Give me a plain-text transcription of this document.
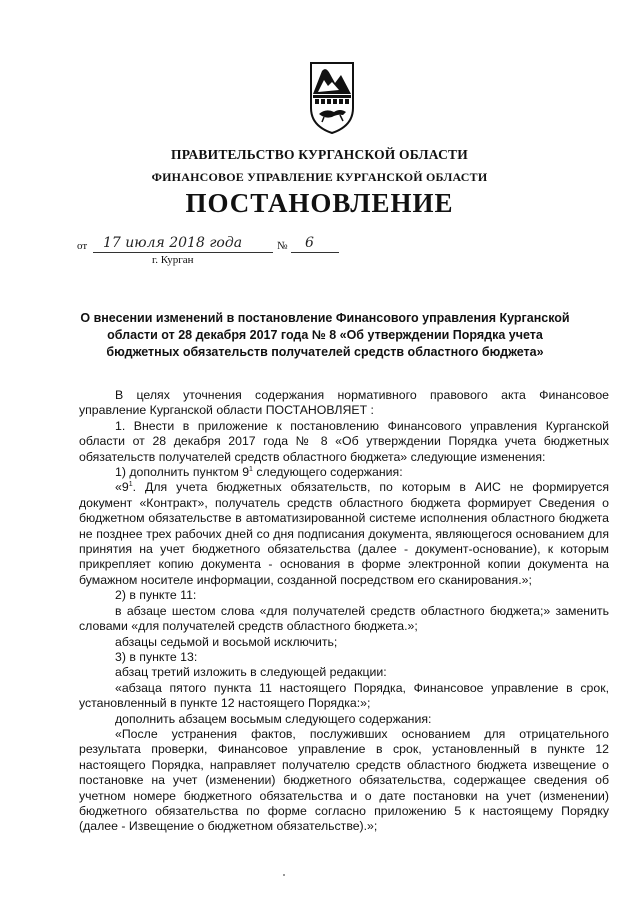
ПРАВИТЕЛЬСТВО КУРГАНСКОЙ ОБЛАСТИ
ФИНАНСОВОЕ УПРАВЛЕНИЕ КУРГАНСКОЙ ОБЛАСТИ
ПОСТАНОВЛЕНИЕ
от 17 июля 2018 года	№ 6
г. Курган
О внесении изменений в постановление Финансового управления Курганской области от 28 декабря 2017 года № 8 «Об утверждении Порядка учета бюджетных обязательств получателей средств областного бюджета»

В целях уточнения содержания нормативного правового акта Финансовое управление Курганской области ПОСТАНОВЛЯЕТ :

1. Внести в приложение к постановлению Финансового управления Курганской области от 28 декабря 2017 года № 8 «Об утверждении Порядка учета бюджетных обязательств получателей средств областного бюджета» следующие изменения:

1) дополнить пунктом $9^1$ следующего содержания:

«$9^1$. Для учета бюджетных обязательств, по которым в АИС не формируется документ «Контракт», получатель средств областного бюджета формирует Сведения о бюджетном обязательстве в автоматизированной системе исполнения областного бюджета не позднее трех рабочих дней со дня подписания документа, являющегося основанием для принятия на учет бюджетного обязательства (далее - документ-основание), к которым прикрепляет копию документа - основания в форме электронной копии документа на бумажном носителе информации, созданной посредством его сканирования.»;

2) в пункте 11:

в абзаце шестом слова «для получателей средств областного бюджета;» заменить словами «для получателей средств областного бюджета.»;

абзацы седьмой и восьмой исключить;

3) в пункте 13:

абзац третий изложить в следующей редакции:

«абзаца пятого пункта 11 настоящего Порядка, Финансовое управление в срок, установленный в пункте 12 настоящего Порядка:»;

дополнить абзацем восьмым следующего содержания:

«После устранения фактов, послуживших основанием для отрицательного результата проверки, Финансовое управление в срок, установленный в пункте 12 настоящего Порядка, направляет получателю средств областного бюджета извещение о постановке на учет (изменении) бюджетного обязательства, содержащее сведения об учетном номере бюджетного обязательства и о дате постановки на учет (изменении) бюджетного обязательства по форме согласно приложению 5 к настоящему Порядку (далее - Извещение о бюджетном обязательстве).»;
